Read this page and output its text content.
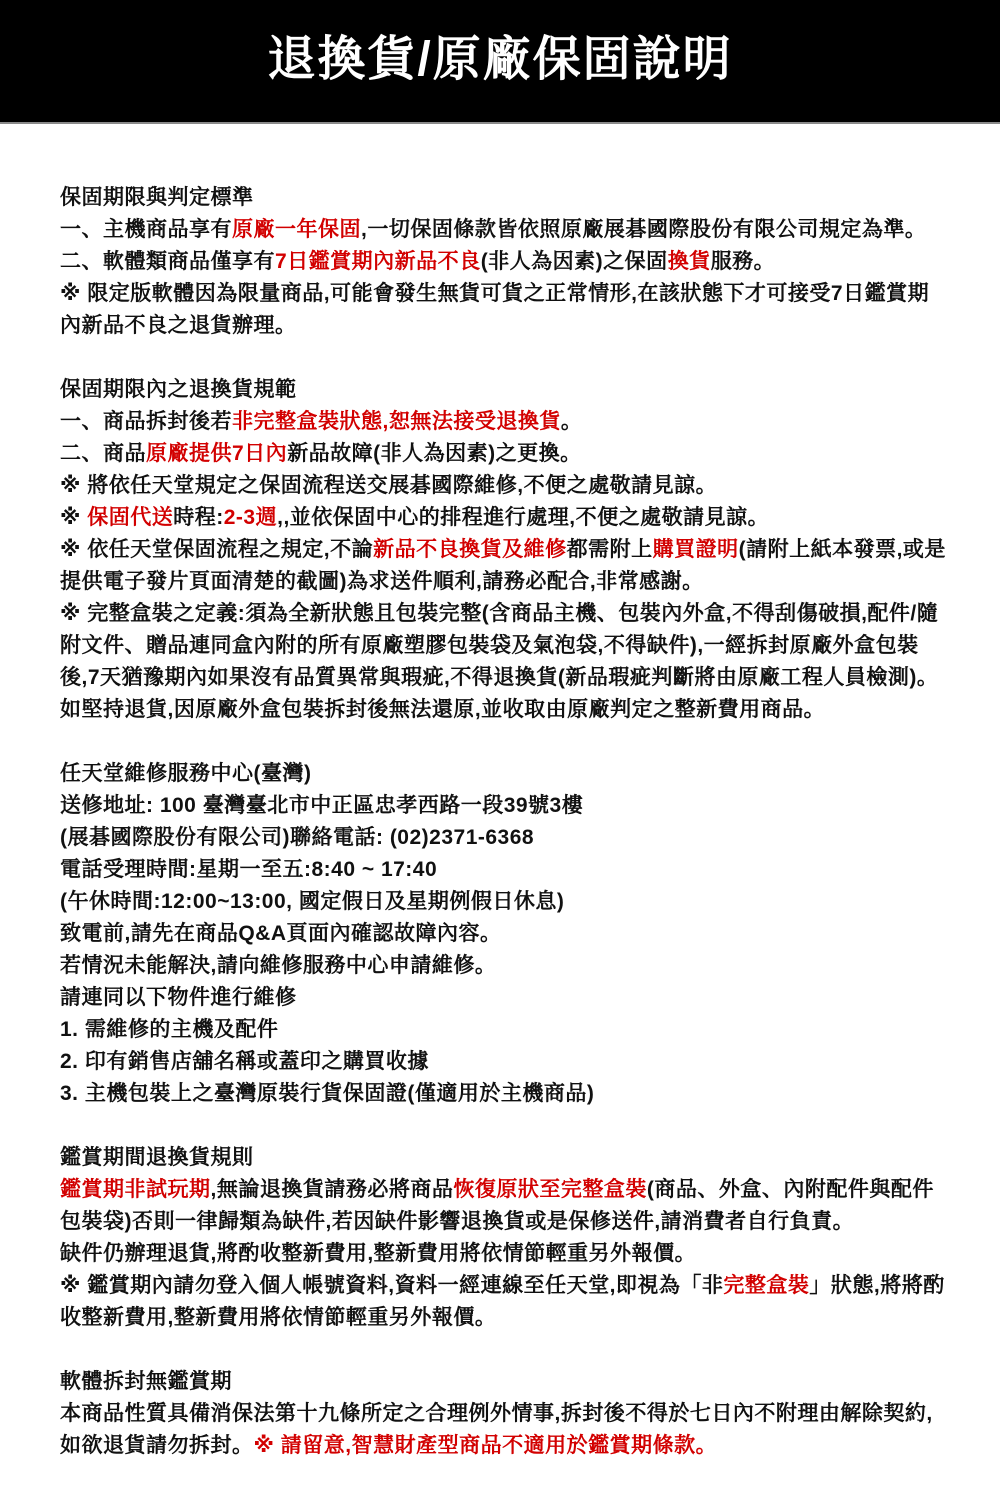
退換貨/原廠保固說明
保固期限與判定標準
一、主機商品享有原廠一年保固,一切保固條款皆依照原廠展碁國際股份有限公司規定為準。
二、軟體類商品僅享有7日鑑賞期內新品不良(非人為因素)之保固換貨服務。
※ 限定版軟體因為限量商品,可能會發生無貨可貨之正常情形,在該狀態下才可接受7日鑑賞期內新品不良之退貨辦理。
保固期限內之退換貨規範
一、商品拆封後若非完整盒裝狀態,恕無法接受退換貨。
二、商品原廠提供7日內新品故障(非人為因素)之更換。
※ 將依任天堂規定之保固流程送交展碁國際維修,不便之處敬請見諒。
※ 保固代送時程:2-3週,,並依保固中心的排程進行處理,不便之處敬請見諒。
※ 依任天堂保固流程之規定,不論新品不良換貨及維修都需附上購買證明(請附上紙本發票,或是提供電子發片頁面清楚的截圖)為求送件順利,請務必配合,非常感謝。
※ 完整盒裝之定義:須為全新狀態且包裝完整(含商品主機、包裝內外盒,不得刮傷破損,配件/隨附文件、贈品連同盒內附的所有原廠塑膠包裝袋及氣泡袋,不得缺件),一經拆封原廠外盒包裝後,7天猶豫期內如果沒有品質異常與瑕疵,不得退換貨(新品瑕疵判斷將由原廠工程人員檢測)。
如堅持退貨,因原廠外盒包裝拆封後無法還原,並收取由原廠判定之整新費用商品。
任天堂維修服務中心(臺灣)
送修地址: 100 臺灣臺北市中正區忠孝西路一段39號3樓
(展碁國際股份有限公司)聯絡電話: (02)2371-6368
電話受理時間:星期一至五:8:40 ~ 17:40
(午休時間:12:00~13:00, 國定假日及星期例假日休息)
致電前,請先在商品Q&A頁面內確認故障內容。
若情況未能解決,請向維修服務中心申請維修。
請連同以下物件進行維修
1. 需維修的主機及配件
2. 印有銷售店舖名稱或蓋印之購買收據
3. 主機包裝上之臺灣原裝行貨保固證(僅適用於主機商品)
鑑賞期間退換貨規則
鑑賞期非試玩期,無論退換貨請務必將商品恢復原狀至完整盒裝(商品、外盒、內附配件與配件包裝袋)否則一律歸類為缺件,若因缺件影響退換貨或是保修送件,請消費者自行負責。
缺件仍辦理退貨,將酌收整新費用,整新費用將依情節輕重另外報價。
※ 鑑賞期內請勿登入個人帳號資料,資料一經連線至任天堂,即視為「非完整盒裝」狀態,將將酌收整新費用,整新費用將依情節輕重另外報價。
軟體拆封無鑑賞期
本商品性質具備消保法第十九條所定之合理例外情事,拆封後不得於七日內不附理由解除契約,如欲退貨請勿拆封。※ 請留意,智慧財產型商品不適用於鑑賞期條款。
